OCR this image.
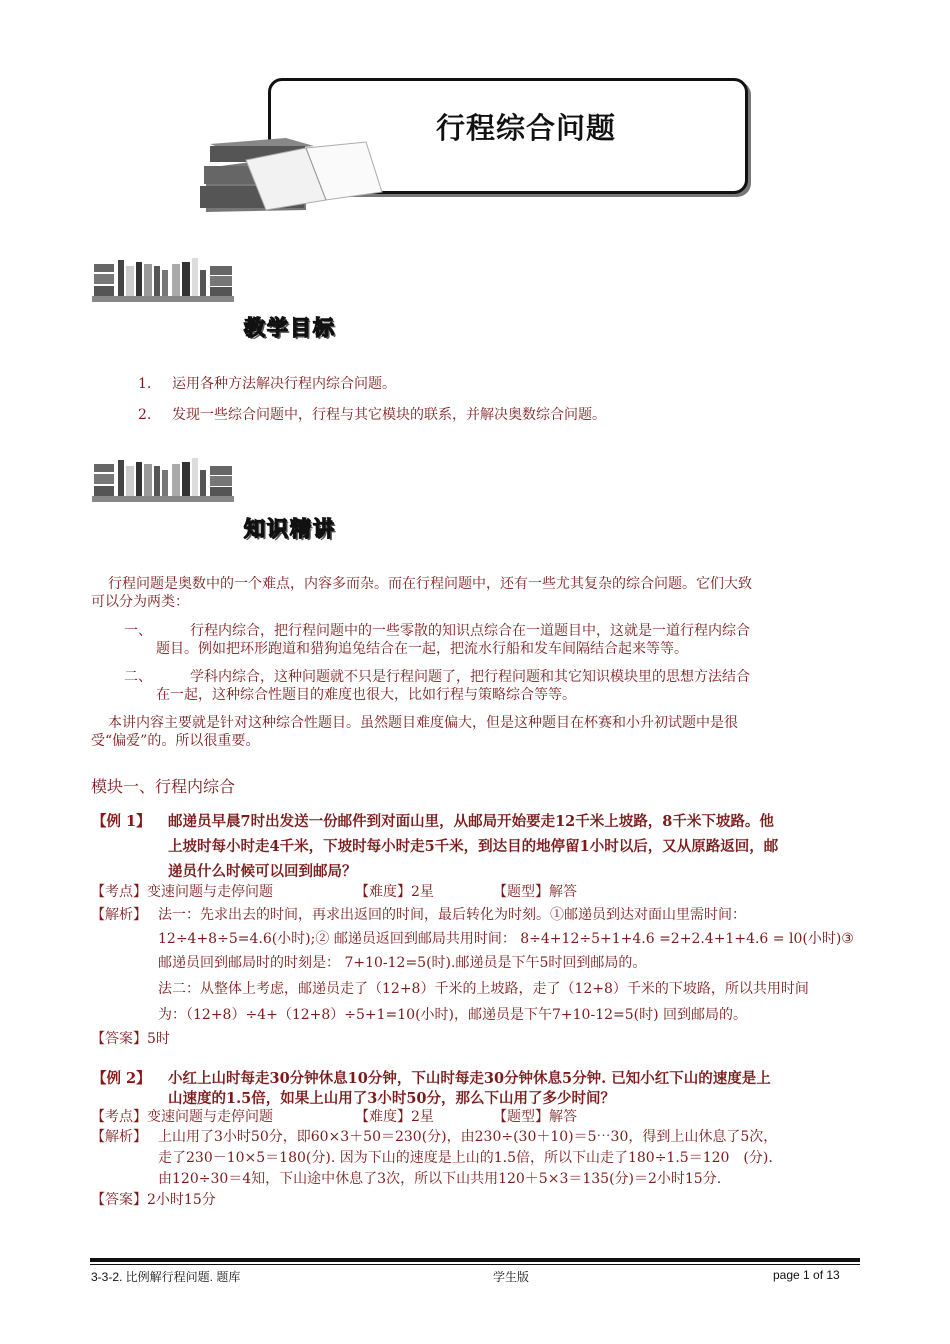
行程综合问题
教学目标
1. 运用各种方法解决行程内综合问题。
2. 发现一些综合问题中，行程与其它模块的联系，并解决奥数综合问题。
知识精讲
行程问题是奥数中的一个难点，内容多而杂。而在行程问题中，还有一些尤其复杂的综合问题。它们大致
可以分为两类：
一、	行程内综合，把行程问题中的一些零散的知识点综合在一道题目中，这就是一道行程内综合
题目。例如把环形跑道和猎狗追兔结合在一起，把流水行船和发车间隔结合起来等等。
二、	学科内综合，这种问题就不只是行程问题了，把行程问题和其它知识模块里的思想方法结合
在一起，这种综合性题目的难度也很大，比如行程与策略综合等等。
本讲内容主要就是针对这种综合性题目。虽然题目难度偏大，但是这种题目在杯赛和小升初试题中是很
受“偏爱”的。所以很重要。
模块一、行程内综合
【例 1】 邮递员早晨7时出发送一份邮件到对面山里，从邮局开始要走12千米上坡路，8千米下坡路。他
上坡时每小时走4千米，下坡时每小时走5千米，到达目的地停留1小时以后，又从原路返回，邮
递员什么时候可以回到邮局？
【考点】变速问题与走停问题	【难度】2星	【题型】解答
【解析】 法一：先求出去的时间，再求出返回的时间，最后转化为时刻。①邮递员到达对面山里需时间：
12÷4+8÷5=4.6(小时);② 邮递员返回到邮局共用时间： 8÷4+12÷5+1+4.6 =2+2.4+1+4.6 = l0(小时)③
邮递员回到邮局时的时刻是： 7+10-12=5(时).邮递员是下午5时回到邮局的。
法二：从整体上考虑，邮递员走了（12+8）千米的上坡路，走了（12+8）千米的下坡路，所以共用时间
为：（12+8）÷4+（12+8）÷5+1=10(小时)，邮递员是下午7+10-12=5(时) 回到邮局的。
【答案】5时
【例 2】 小红上山时每走30分钟休息10分钟，下山时每走30分钟休息5分钟. 已知小红下山的速度是上
山速度的1.5倍，如果上山用了3小时50分，那么下山用了多少时间？
【考点】变速问题与走停问题	【难度】2星	【题型】解答
【解析】 上山用了3小时50分，即60×3＋50＝230(分)，由230÷(30＋10)＝5⋯30，得到上山休息了5次，
走了230－10×5＝180(分). 因为下山的速度是上山的1.5倍，所以下山走了180÷1.5＝120　(分).
由120÷30＝4知，下山途中休息了3次，所以下山共用120＋5×3＝135(分)＝2小时15分.
【答案】2小时15分
3-3-2. 比例解行程问题. 题库	学生版	page 1 of 13
